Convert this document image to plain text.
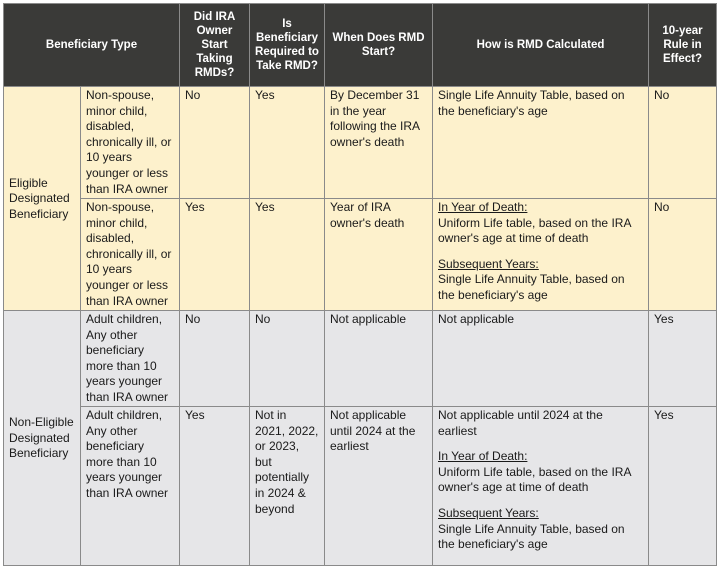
Beneficiary Type		Did IRA Owner Start Taking RMDs?	Is Beneficiary Required to Take RMD?	When Does RMD Start?	How is RMD Calculated	10-year Rule in Effect?
Eligible Designated Beneficiary	Non-spouse, minor child, disabled, chronically ill, or 10 years younger or less than IRA owner	No	Yes	By December 31 in the year following the IRA owner's death	Single Life Annuity Table, based on the beneficiary's age	No
	Non-spouse, minor child, disabled, chronically ill, or 10 years younger or less than IRA owner	Yes	Yes	Year of IRA owner's death	In Year of Death:
Uniform Life table, based on the IRA owner's age at time of death
Subsequent Years:
Single Life Annuity Table, based on the beneficiary's age	No
Non-Eligible Designated Beneficiary	Adult children, Any other beneficiary more than 10 years younger than IRA owner	No	No	Not applicable	Not applicable	Yes
	Adult children, Any other beneficiary more than 10 years younger than IRA owner	Yes	Not in 2021, 2022, or 2023, but potentially in 2024 & beyond	Not applicable until 2024 at the earliest	Not applicable until 2024 at the earliest
In Year of Death:
Uniform Life table, based on the IRA owner's age at time of death
Subsequent Years:
Single Life Annuity Table, based on the beneficiary's age	Yes
